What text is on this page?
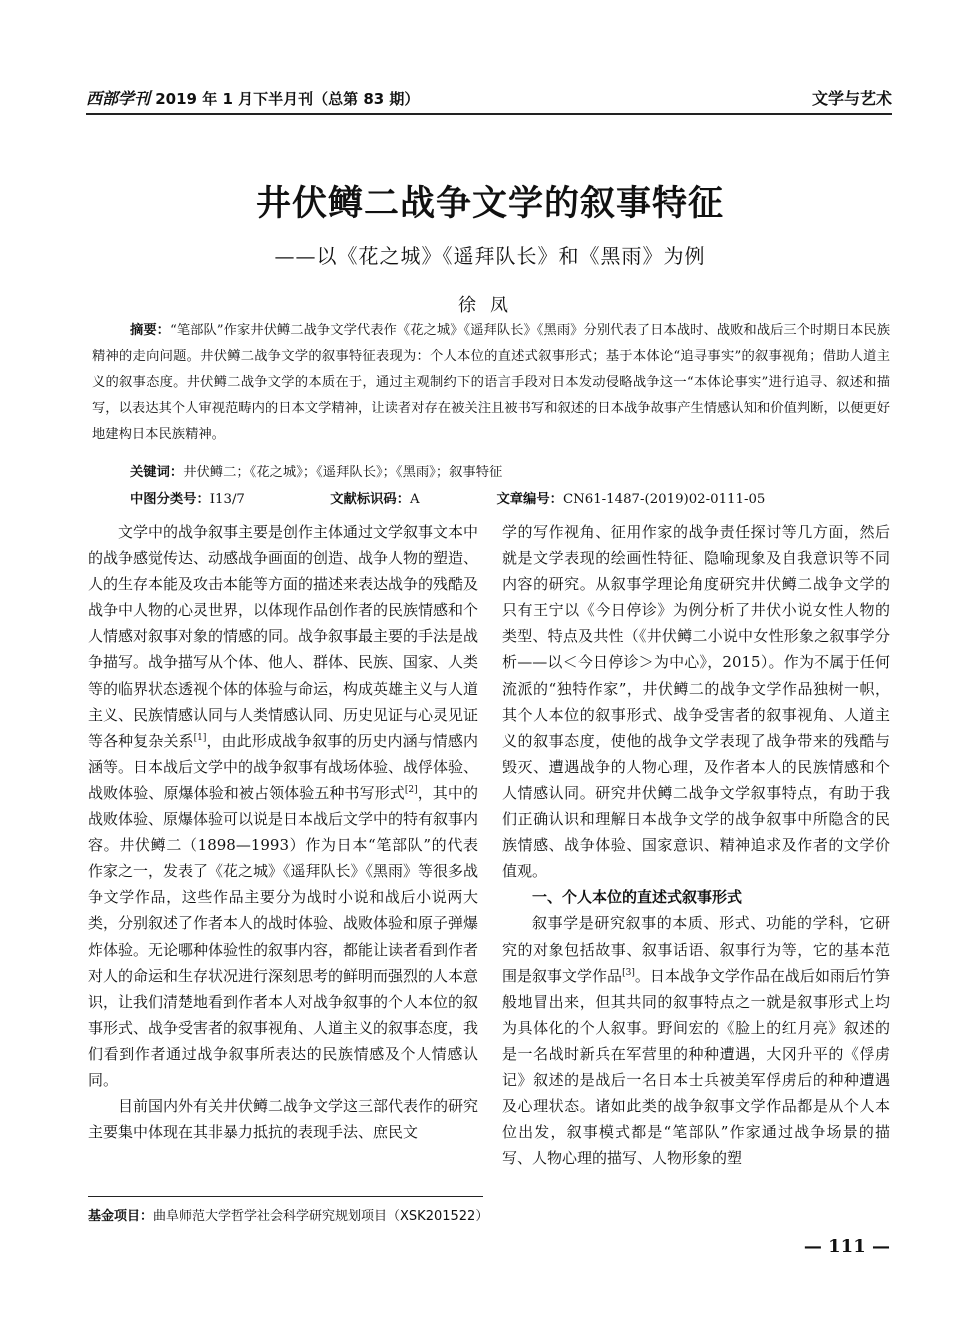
西部学刊 2019 年 1 月下半月刊（总第 83 期）	文学与艺术
井伏鳟二战争文学的叙事特征
——以《花之城》《遥拜队长》和《黑雨》为例
徐凤

摘要：“笔部队”作家井伏鳟二战争文学代表作《花之城》《遥拜队长》《黑雨》分别代表了日本战时、战败和战后三个时期日本民族精神的走向问题。井伏鳟二战争文学的叙事特征表现为：个人本位的直述式叙事形式；基于本体论“追寻事实”的叙事视角；借助人道主义的叙事态度。井伏鳟二战争文学的本质在于，通过主观制约下的语言手段对日本发动侵略战争这一“本体论事实”进行追寻、叙述和描写，以表达其个人审视范畴内的日本文学精神，让读者对存在被关注且被书写和叙述的日本战争故事产生情感认知和价值判断，以便更好地建构日本民族精神。

关键词：井伏鳟二；《花之城》；《遥拜队长》；《黑雨》；叙事特征
中图分类号：I13/7	文献标识码：A	文章编号：CN61-1487-(2019)02-0111-05

文学中的战争叙事主要是创作主体通过文学叙事文本中的战争感觉传达、动感战争画面的创造、战争人物的塑造、人的生存本能及攻击本能等方面的描述来表达战争的残酷及战争中人物的心灵世界，以体现作品创作者的民族情感和个人情感对叙事对象的情感的同。战争叙事最主要的手法是战争描写。战争描写从个体、他人、群体、民族、国家、人类等的临界状态透视个体的体验与命运，构成英雄主义与人道主义、民族情感认同与人类情感认同、历史见证与心灵见证等各种复杂关系[1]，由此形成战争叙事的历史内涵与情感内涵等。日本战后文学中的战争叙事有战场体验、战俘体验、战败体验、原爆体验和被占领体验五种书写形式[2]，其中的战败体验、原爆体验可以说是日本战后文学中的特有叙事内容。井伏鳟二（1898—1993）作为日本“笔部队”的代表作家之一，发表了《花之城》《遥拜队长》《黑雨》等很多战争文学作品，这些作品主要分为战时小说和战后小说两大类，分别叙述了作者本人的战时体验、战败体验和原子弹爆炸体验。无论哪种体验性的叙事内容，都能让读者看到作者对人的命运和生存状况进行深刻思考的鲜明而强烈的人本意识，让我们清楚地看到作者本人对战争叙事的个人本位的叙事形式、战争受害者的叙事视角、人道主义的叙事态度，我们看到作者通过战争叙事所表达的民族情感及个人情感认同。

目前国内外有关井伏鳟二战争文学这三部代表作的研究主要集中体现在其非暴力抵抗的表现手法、庶民文

学的写作视角、征用作家的战争责任探讨等几方面，然后就是文学表现的绘画性特征、隐喻现象及自我意识等不同内容的研究。从叙事学理论角度研究井伏鳟二战争文学的只有王宁以《今日停诊》为例分析了井伏小说女性人物的类型、特点及共性（《井伏鳟二小说中女性形象之叙事学分析——以＜今日停诊＞为中心》，2015）。作为不属于任何流派的“独特作家”，井伏鳟二的战争文学作品独树一帜，其个人本位的叙事形式、战争受害者的叙事视角、人道主义的叙事态度，使他的战争文学表现了战争带来的残酷与毁灭、遭遇战争的人物心理，及作者本人的民族情感和个人情感认同。研究井伏鳟二战争文学叙事特点，有助于我们正确认识和理解日本战争文学的战争叙事中所隐含的民族情感、战争体验、国家意识、精神追求及作者的文学价值观。

一、个人本位的直述式叙事形式

叙事学是研究叙事的本质、形式、功能的学科，它研究的对象包括故事、叙事话语、叙事行为等，它的基本范围是叙事文学作品[3]。日本战争文学作品在战后如雨后竹笋般地冒出来，但其共同的叙事特点之一就是叙事形式上均为具体化的个人叙事。野间宏的《脸上的红月亮》叙述的是一名战时新兵在军营里的种种遭遇，大冈升平的《俘虏记》叙述的是战后一名日本士兵被美军俘虏后的种种遭遇及心理状态。诸如此类的战争叙事文学作品都是从个人本位出发，叙事模式都是“笔部队”作家通过战争场景的描写、人物心理的描写、人物形象的塑

基金项目：曲阜师范大学哲学社会科学研究规划项目（XSK201522）
— 111 —
